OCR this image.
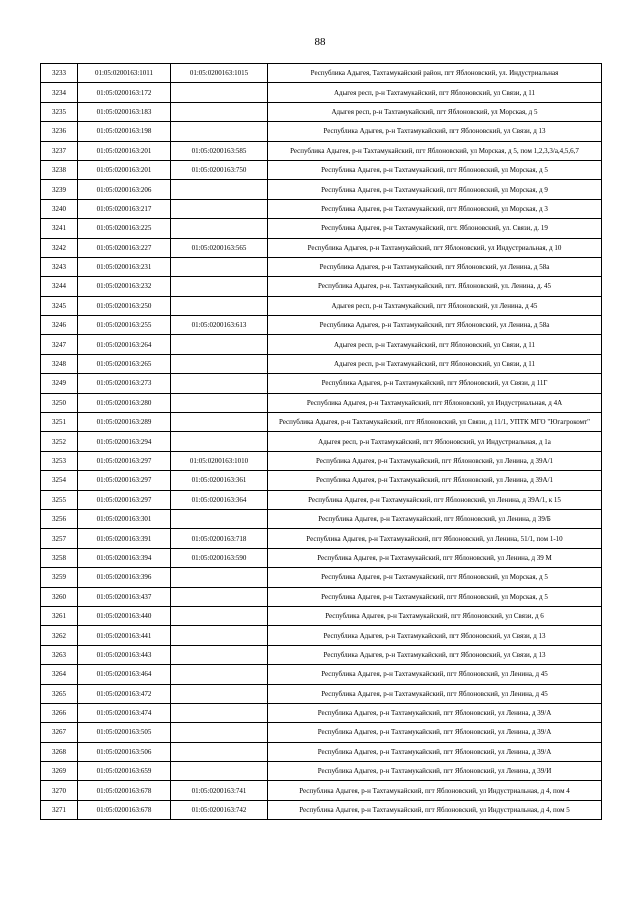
88
3233	01:05:0200163:1011	01:05:0200163:1015	Республика Адыгея, Тахтамукайский район, пгт Яблоновский, ул. Индустриальная
3234	01:05:0200163:172		Адыгея респ, р-н Тахтамукайский, пгт Яблоновский, ул Связи, д 11
3235	01:05:0200163:183		Адыгея респ, р-н Тахтамукайский, пгт Яблоновский, ул Морская, д 5
3236	01:05:0200163:198		Республика Адыгея, р-н Тахтамукайский, пгт Яблоновский, ул Связи, д 13
3237	01:05:0200163:201	01:05:0200163:585	Республика Адыгея, р-н Тахтамукайский, пгт Яблоновский, ул Морская, д 5, пом 1,2,3,3/а,4,5,6,7
3238	01:05:0200163:201	01:05:0200163:750	Республика Адыгея, р-н Тахтамукайский, пгт Яблоновский, ул Морская, д 5
3239	01:05:0200163:206		Республика Адыгея, р-н Тахтамукайский, пгт Яблоновский, ул Морская, д 9
3240	01:05:0200163:217		Республика Адыгея, р-н Тахтамукайский, пгт Яблоновский, ул Морская, д 3
3241	01:05:0200163:225		Республика Адыгея, р-н Тахтамукайский, пгт. Яблоновский, ул. Связи, д. 19
3242	01:05:0200163:227	01:05:0200163:565	Республика Адыгея, р-н Тахтамукайский, пгт Яблоновский, ул Индустриальная, д 10
3243	01:05:0200163:231		Республика Адыгея, р-н Тахтамукайский, пгт Яблоновский, ул Ленина, д 58а
3244	01:05:0200163:232		Республика Адыгея, р-н. Тахтамукайский, пгт. Яблоновский, ул. Ленина, д. 45
3245	01:05:0200163:250		Адыгея респ, р-н Тахтамукайский, пгт Яблоновский, ул Ленина, д 45
3246	01:05:0200163:255	01:05:0200163:613	Республика Адыгея, р-н Тахтамукайский, пгт Яблоновский, ул Ленина, д 58а
3247	01:05:0200163:264		Адыгея респ, р-н Тахтамукайский, пгт Яблоновский, ул Связи, д 11
3248	01:05:0200163:265		Адыгея респ, р-н Тахтамукайский, пгт Яблоновский, ул Связи, д 11
3249	01:05:0200163:273		Республика Адыгея, р-н Тахтамукайский, пгт Яблоновский, ул Связи, д 11Г
3250	01:05:0200163:280		Республика Адыгея, р-н Тахтамукайский, пгт Яблоновский, ул Индустриальная, д 4А
3251	01:05:0200163:289		Республика Адыгея, р-н Тахтамукайский, пгт Яблоновский, ул Связи, д 11/1, УПТК МГО "Югагрокомт"
3252	01:05:0200163:294		Адыгея респ, р-н Тахтамукайский, пгт Яблоновский, ул Индустриальная, д 1а
3253	01:05:0200163:297	01:05:0200163:1010	Республика Адыгея, р-н Тахтамукайский, пгт Яблоновский, ул Ленина, д 39А/1
3254	01:05:0200163:297	01:05:0200163:361	Республика Адыгея, р-н Тахтамукайский, пгт Яблоновский, ул Ленина, д 39А/1
3255	01:05:0200163:297	01:05:0200163:364	Республика Адыгея, р-н Тахтамукайский, пгт Яблоновский, ул Ленина, д 39А/1, к 15
3256	01:05:0200163:301		Республика Адыгея, р-н Тахтамукайский, пгт Яблоновский, ул Ленина, д 39/Б
3257	01:05:0200163:391	01:05:0200163:718	Республика Адыгея, р-н Тахтамукайский, пгт Яблоновский, ул Ленина, 51/1, пом 1-10
3258	01:05:0200163:394	01:05:0200163:590	Республика Адыгея, р-н Тахтамукайский, пгт Яблоновский, ул Ленина, д 39 М
3259	01:05:0200163:396		Республика Адыгея, р-н Тахтамукайский, пгт Яблоновский, ул Морская, д 5
3260	01:05:0200163:437		Республика Адыгея, р-н Тахтамукайский, пгт Яблоновский, ул Морская, д 5
3261	01:05:0200163:440		Республика Адыгея, р-н Тахтамукайский, пгт Яблоновский, ул Связи, д 6
3262	01:05:0200163:441		Республика Адыгея, р-н Тахтамукайский, пгт Яблоновский, ул Связи, д 13
3263	01:05:0200163:443		Республика Адыгея, р-н Тахтамукайский, пгт Яблоновский, ул Связи, д 13
3264	01:05:0200163:464		Республика Адыгея, р-н Тахтамукайский, пгт Яблоновский, ул Ленина, д 45
3265	01:05:0200163:472		Республика Адыгея, р-н Тахтамукайский, пгт Яблоновский, ул Ленина, д 45
3266	01:05:0200163:474		Республика Адыгея, р-н Тахтамукайский, пгт Яблоновский, ул Ленина, д 39/А
3267	01:05:0200163:505		Республика Адыгея, р-н Тахтамукайский, пгт Яблоновский, ул Ленина, д 39/А
3268	01:05:0200163:506		Республика Адыгея, р-н Тахтамукайский, пгт Яблоновский, ул Ленина, д 39/А
3269	01:05:0200163:659		Республика Адыгея, р-н Тахтамукайский, пгт Яблоновский, ул Ленина, д 39/И
3270	01:05:0200163:678	01:05:0200163:741	Республика Адыгея, р-н Тахтамукайский, пгт Яблоновский, ул Индустриальная, д 4, пом 4
3271	01:05:0200163:678	01:05:0200163:742	Республика Адыгея, р-н Тахтамукайский, пгт Яблоновский, ул Индустриальная, д 4, пом 5
